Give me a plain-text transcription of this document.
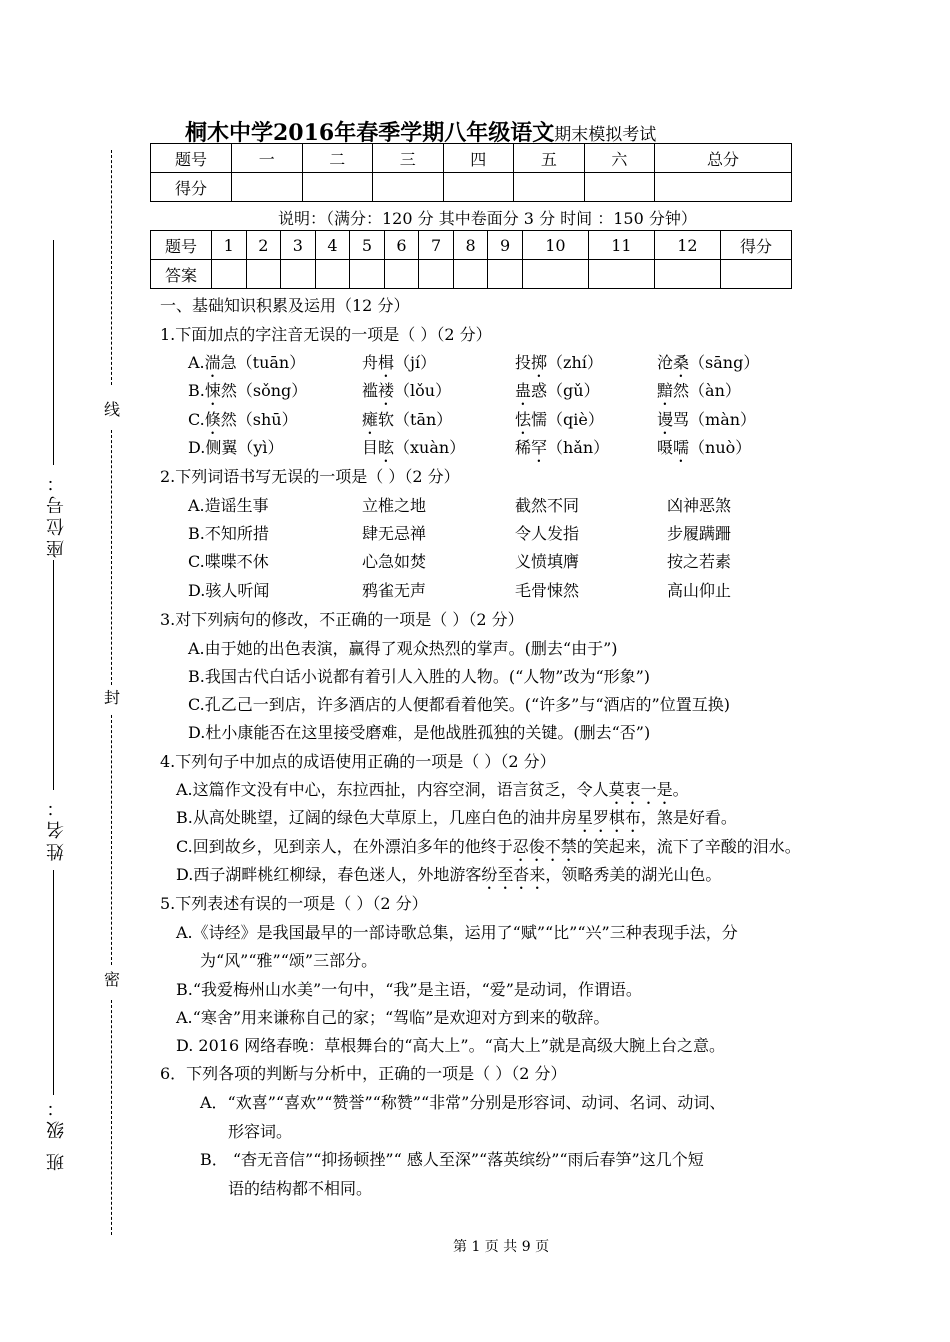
线
封
密
座位号：
姓名：
班 级：
桐木中学2016年春季学期八年级语文期末模拟考试
题号	一	二	三	四	五	六	总分
得分							
说明：（满分：120 分 其中卷面分 3 分 时间 ：150 分钟）
题号	1	2	3	4	5	6	7	8	9	10	11	12	得分
答案													
一、基础知识积累及运用（12 分）
1.下面加点的字注音无误的一项是（ ）（2 分）
A.湍急（tuān）	舟楫（jí）	投掷（zhí）	沧桑（sāng）
B.悚然（sǒng）	褴褛（lǒu）	蛊惑（gǔ）	黯然（àn）
C.倏然（shū）	瘫软（tān）	怯懦（qiè）	谩骂（màn）
D.侧翼（yì）	目眩（xuàn）	稀罕（hǎn）	嗫嚅（nuò）
2.下列词语书写无误的一项是（ ）（2 分）
A.造谣生事	立椎之地	截然不同	凶神恶煞
B.不知所措	肆无忌禅	令人发指	步履蹒跚
C.喋喋不休	心急如焚	义愤填膺	按之若素
D.骇人听闻	鸦雀无声	毛骨悚然	高山仰止
3.对下列病句的修改，不正确的一项是（ ）（2 分）
A.由于她的出色表演，赢得了观众热烈的掌声。(删去“由于”)
B.我国古代白话小说都有着引人入胜的人物。(“人物”改为“形象”)
C.孔乙己一到店，许多酒店的人便都看着他笑。(“许多”与“酒店的”位置互换)
D.杜小康能否在这里接受磨难，是他战胜孤独的关键。(删去“否”)
4.下列句子中加点的成语使用正确的一项是（ ）（2 分）
A.这篇作文没有中心，东拉西扯，内容空洞，语言贫乏，令人莫衷一是。
B.从高处眺望，辽阔的绿色大草原上，几座白色的油井房星罗棋布，煞是好看。
C.回到故乡，见到亲人，在外漂泊多年的他终于忍俊不禁的笑起来，流下了辛酸的泪水。
D.西子湖畔桃红柳绿，春色迷人，外地游客纷至沓来，领略秀美的湖光山色。
5.下列表述有误的一项是（ ）（2 分）
A.《诗经》是我国最早的一部诗歌总集，运用了“赋”“比”“兴”三种表现手法，分
为“风”“雅”“颂”三部分。
B.“我爱梅州山水美”一句中，“我”是主语，“爱”是动词，作谓语。
A.“寒舍”用来谦称自己的家；“驾临”是欢迎对方到来的敬辞。
D. 2016 网络春晚：草根舞台的“高大上”。“高大上”就是高级大腕上台之意。
6．下列各项的判断与分析中，正确的一项是（ ）（2 分）
A．“欢喜”“喜欢”“赞誉”“称赞”“非常”分别是形容词、动词、名词、动词、
形容词。
B． “杳无音信”“抑扬顿挫”“ 感人至深”“落英缤纷”“雨后春笋”这几个短
语的结构都不相同。
第 1 页 共 9 页
